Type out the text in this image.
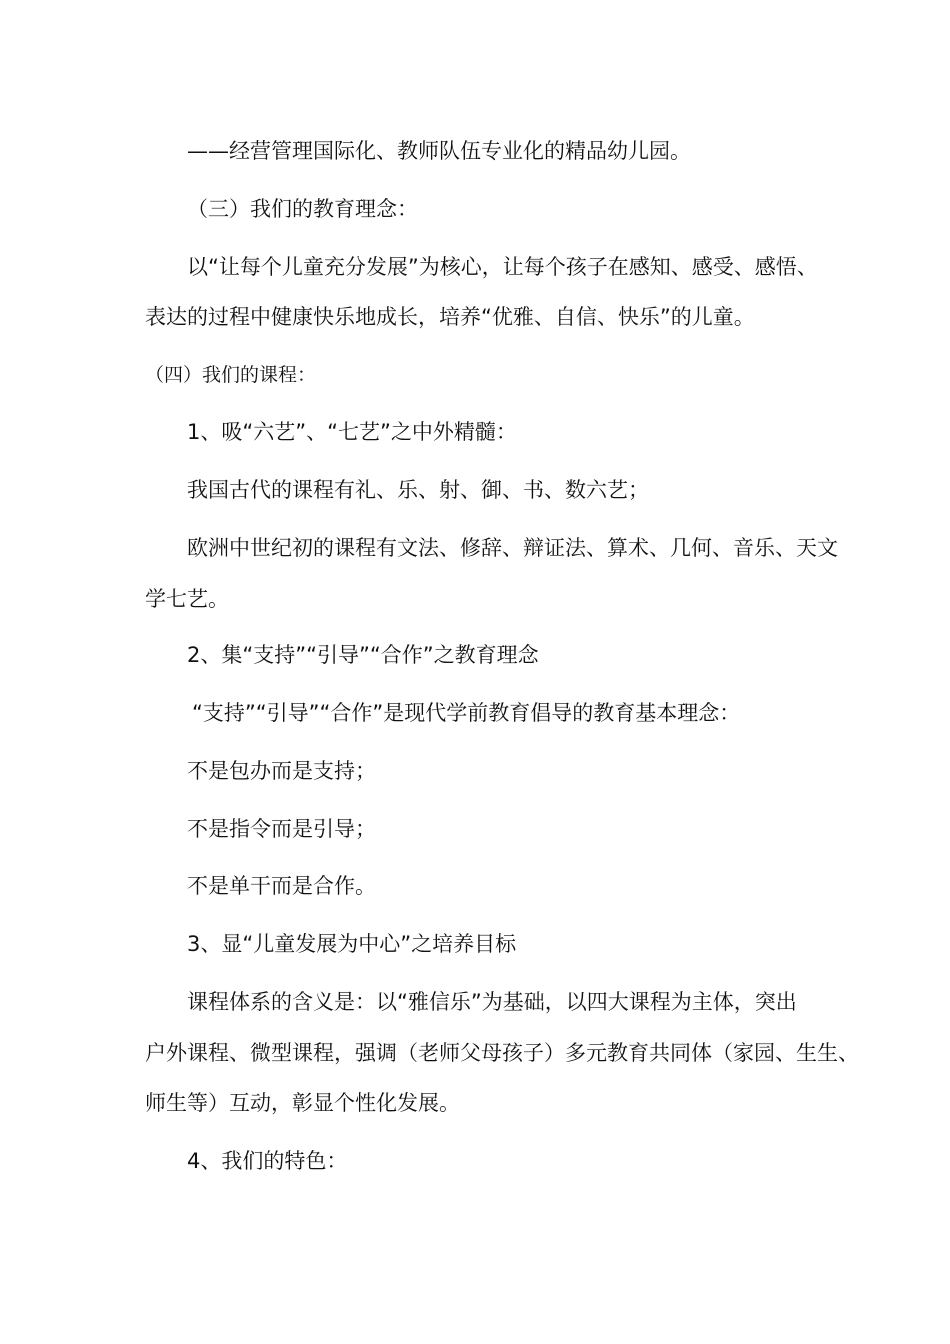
——经营管理国际化、教师队伍专业化的精品幼儿园。
（三）我们的教育理念：
以“让每个儿童充分发展”为核心，让每个孩子在感知、感受、感悟、
表达的过程中健康快乐地成长，培养“优雅、自信、快乐”的儿童。
（四）我们的课程：
1、吸“六艺”、“七艺”之中外精髓：
我国古代的课程有礼、乐、射、御、书、数六艺；
欧洲中世纪初的课程有文法、修辞、辩证法、算术、几何、音乐、天文
学七艺。
2、集“支持”“引导”“合作”之教育理念
“支持”“引导”“合作”是现代学前教育倡导的教育基本理念：
不是包办而是支持；
不是指令而是引导；
不是单干而是合作。
3、显“儿童发展为中心”之培养目标
课程体系的含义是：以“雅信乐”为基础，以四大课程为主体，突出
户外课程、微型课程，强调（老师父母孩子）多元教育共同体（家园、生生、
师生等）互动，彰显个性化发展。
4、我们的特色：
